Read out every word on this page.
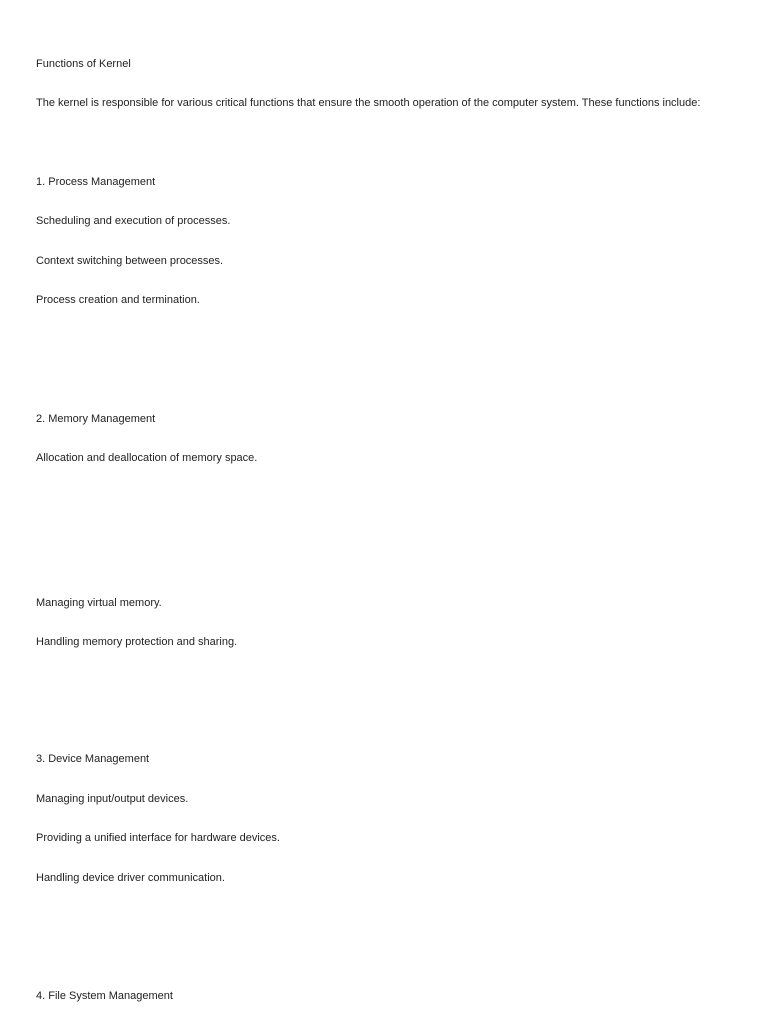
Functions of Kernel

The kernel is responsible for various critical functions that ensure the smooth operation of the computer system. These functions include:

1. Process Management

Scheduling and execution of processes.

Context switching between processes.

Process creation and termination.

2. Memory Management

Allocation and deallocation of memory space.

Managing virtual memory.

Handling memory protection and sharing.

3. Device Management

Managing input/output devices.

Providing a unified interface for hardware devices.

Handling device driver communication.

4. File System Management
